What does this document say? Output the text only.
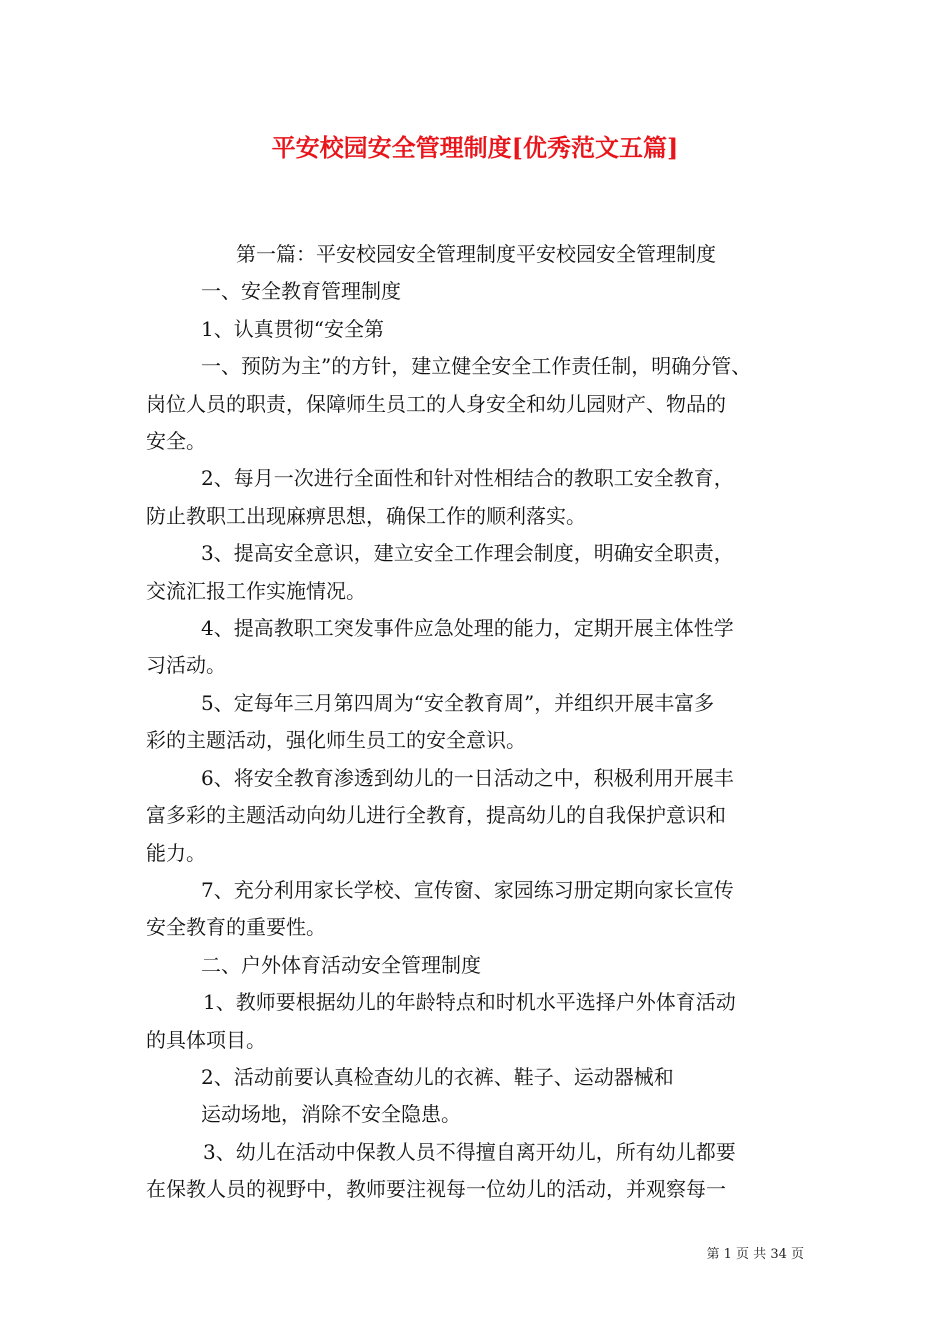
平安校园安全管理制度[优秀范文五篇]

第一篇：平安校园安全管理制度平安校园安全管理制度

一、安全教育管理制度

1、认真贯彻“安全第

一、预防为主”的方针，建立健全安全工作责任制，明确分管、

岗位人员的职责，保障师生员工的人身安全和幼儿园财产、物品的

安全。

2、每月一次进行全面性和针对性相结合的教职工安全教育，

防止教职工出现麻痹思想，确保工作的顺利落实。

3、提高安全意识，建立安全工作理会制度，明确安全职责，

交流汇报工作实施情况。

4、提高教职工突发事件应急处理的能力，定期开展主体性学

习活动。

5、定每年三月第四周为“安全教育周”，并组织开展丰富多

彩的主题活动，强化师生员工的安全意识。

6、将安全教育渗透到幼儿的一日活动之中，积极利用开展丰

富多彩的主题活动向幼儿进行全教育，提高幼儿的自我保护意识和

能力。

7、充分利用家长学校、宣传窗、家园练习册定期向家长宣传

安全教育的重要性。

二、户外体育活动安全管理制度

1、教师要根据幼儿的年龄特点和时机水平选择户外体育活动

的具体项目。

2、活动前要认真检查幼儿的衣裤、鞋子、运动器械和

运动场地，消除不安全隐患。

3、幼儿在活动中保教人员不得擅自离开幼儿，所有幼儿都要

在保教人员的视野中，教师要注视每一位幼儿的活动，并观察每一

第 1 页 共 34 页
